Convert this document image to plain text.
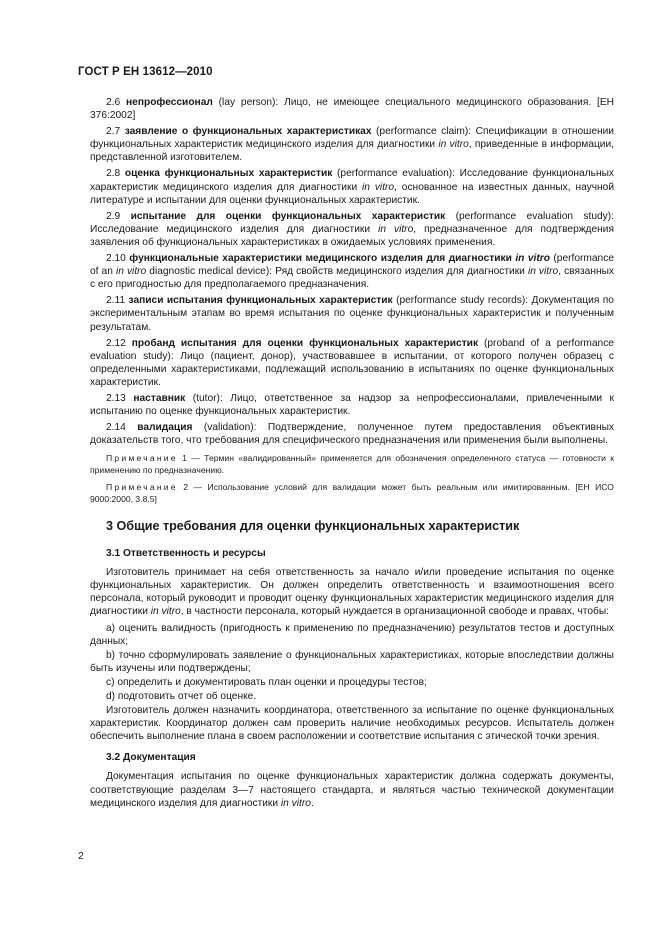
ГОСТ Р ЕН 13612—2010

2.6 непрофессионал (lay person): Лицо, не имеющее специального медицинского образования. [ЕН 376:2002]

2.7 заявление о функциональных характеристиках (performance claim): Спецификации в отношении функциональных характеристик медицинского изделия для диагностики in vitro, приведенные в информации, представленной изготовителем.

2.8 оценка функциональных характеристик (performance evaluation): Исследование функциональных характеристик медицинского изделия для диагностики in vitro, основанное на известных данных, научной литературе и испытании для оценки функциональных характеристик.

2.9 испытание для оценки функциональных характеристик (performance evaluation study): Исследование медицинского изделия для диагностики in vitro, предназначенное для подтверждения заявления об функциональных характеристиках в ожидаемых условиях применения.

2.10 функциональные характеристики медицинского изделия для диагностики in vitro (performance of an in vitro diagnostic medical device): Ряд свойств медицинского изделия для диагностики in vitro, связанных с его пригодностью для предполагаемого предназначения.

2.11 записи испытания функциональных характеристик (performance study records): Документация по экспериментальным этапам во время испытания по оценке функциональных характеристик и полученным результатам.

2.12 пробанд испытания для оценки функциональных характеристик (proband of a performance evaluation study): Лицо (пациент, донор), участвовавшее в испытании, от которого получен образец с определенными характеристиками, подлежащий использованию в испытаниях по оценке функциональных характеристик.

2.13 наставник (tutor): Лицо, ответственное за надзор за непрофессионалами, привлеченными к испытанию по оценке функциональных характеристик.

2.14 валидация (validation): Подтверждение, полученное путем предоставления объективных доказательств того, что требования для специфического предназначения или применения были выполнены.

Примечание 1 — Термин «валидированный» применяется для обозначения определенного статуса — готовности к применению по предназначению.

Примечание 2 — Использование условий для валидации может быть реальным или имитированным. [ЕН ИСО 9000:2000, 3.8.5]

3 Общие требования для оценки функциональных характеристик
3.1 Ответственность и ресурсы

Изготовитель принимает на себя ответственность за начало и/или проведение испытания по оценке функциональных характеристик. Он должен определить ответственность и взаимоотношения всего персонала, который руководит и проводит оценку функциональных характеристик медицинского изделия для диагностики in vitro, в частности персонала, который нуждается в организационной свободе и правах, чтобы:

a) оценить валидность (пригодность к применению по предназначению) результатов тестов и доступных данных;

b) точно сформулировать заявление о функциональных характеристиках, которые впоследствии должны быть изучены или подтверждены;

c) определить и документировать план оценки и процедуры тестов;

d) подготовить отчет об оценке.

Изготовитель должен назначить координатора, ответственного за испытание по оценке функциональных характеристик. Координатор должен сам проверить наличие необходимых ресурсов. Испытатель должен обеспечить выполнение плана в своем расположении и соответствие испытания с этической точки зрения.

3.2 Документация

Документация испытания по оценке функциональных характеристик должна содержать документы, соответствующие разделам 3—7 настоящего стандарта, и являться частью технической документации медицинского изделия для диагностики in vitro.

2
